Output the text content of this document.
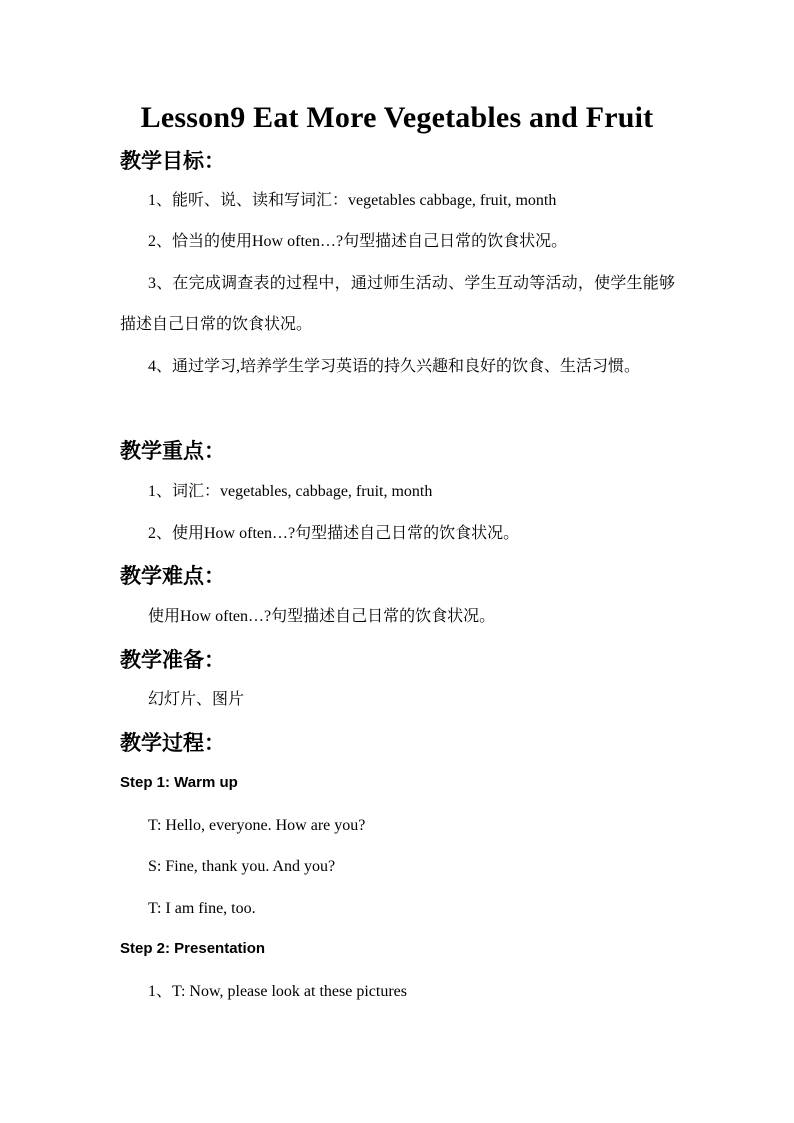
Lesson9 Eat More Vegetables and Fruit
教学目标：
1、能听、说、读和写词汇：vegetables cabbage, fruit, month
2、恰当的使用How often…?句型描述自己日常的饮食状况。
3、在完成调查表的过程中，通过师生活动、学生互动等活动，使学生能够描述自己日常的饮食状况。
4、通过学习,培养学生学习英语的持久兴趣和良好的饮食、生活习惯。
教学重点：
1、词汇：vegetables, cabbage, fruit, month
2、使用How often…?句型描述自己日常的饮食状况。
教学难点：
使用How often…?句型描述自己日常的饮食状况。
教学准备：
幻灯片、图片
教学过程：
Step 1: Warm up
T: Hello, everyone. How are you?
S: Fine, thank you. And you?
T: I am fine, too.
Step 2: Presentation
1、T: Now, please look at these pictures
